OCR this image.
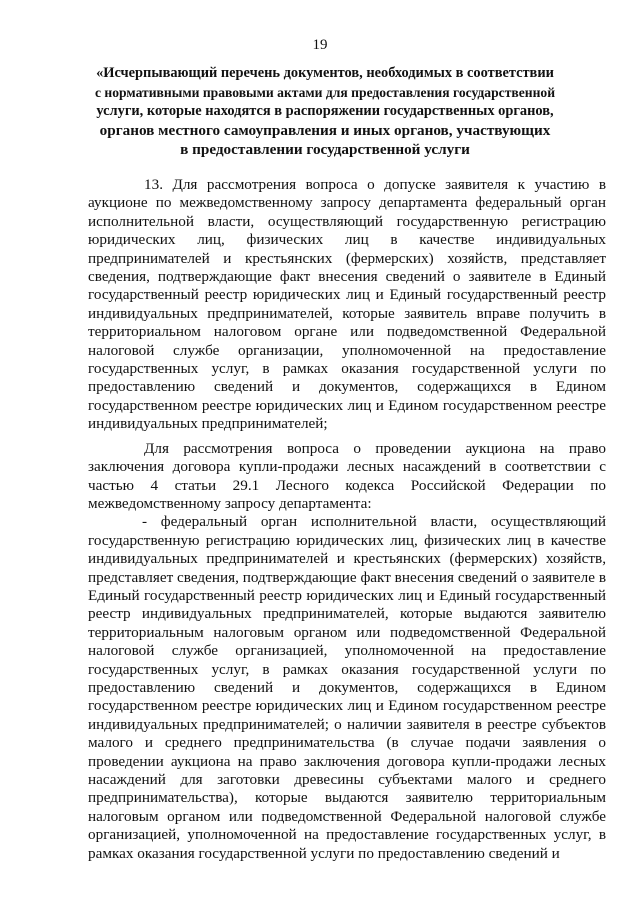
19
«Исчерпывающий перечень документов, необходимых в соответствии
с нормативными правовыми актами для предоставления государственной
услуги, которые находятся в распоряжении государственных органов,
органов местного самоуправления и иных органов, участвующих
в предоставлении государственной услуги

13. Для рассмотрения вопроса о допуске заявителя к участию в аукционе по межведомственному запросу департамента федеральный орган исполнительной власти, осуществляющий государственную регистрацию юридических лиц, физических лиц в качестве индивидуальных предпринимателей и крестьянских (фермерских) хозяйств, представляет сведения, подтверждающие факт внесения сведений о заявителе в Единый государственный реестр юридических лиц и Единый государственный реестр индивидуальных предпринимателей, которые заявитель вправе получить в территориальном налоговом органе или подведомственной Федеральной налоговой службе организации, уполномоченной на предоставление государственных услуг, в рамках оказания государственной услуги по предоставлению сведений и документов, содержащихся в Едином государственном реестре юридических лиц и Едином государственном реестре индивидуальных предпринимателей;

Для рассмотрения вопроса о проведении аукциона на право заключения договора купли-продажи лесных насаждений в соответствии с частью 4 статьи 29.1 Лесного кодекса Российской Федерации по межведомственному запросу департамента:

- федеральный орган исполнительной власти, осуществляющий государственную регистрацию юридических лиц, физических лиц в качестве индивидуальных предпринимателей и крестьянских (фермерских) хозяйств, представляет сведения, подтверждающие факт внесения сведений о заявителе в Единый государственный реестр юридических лиц и Единый государственный реестр индивидуальных предпринимателей, которые выдаются заявителю территориальным налоговым органом или подведомственной Федеральной налоговой службе организацией, уполномоченной на предоставление государственных услуг, в рамках оказания государственной услуги по предоставлению сведений и документов, содержащихся в Едином государственном реестре юридических лиц и Едином государственном реестре индивидуальных предпринимателей; о наличии заявителя в реестре субъектов малого и среднего предпринимательства (в случае подачи заявления о проведении аукциона на право заключения договора купли-продажи лесных насаждений для заготовки древесины субъектами малого и среднего предпринимательства), которые выдаются заявителю территориальным налоговым органом или подведомственной Федеральной налоговой службе организацией, уполномоченной на предоставление государственных услуг, в рамках оказания государственной услуги по предоставлению сведений и
